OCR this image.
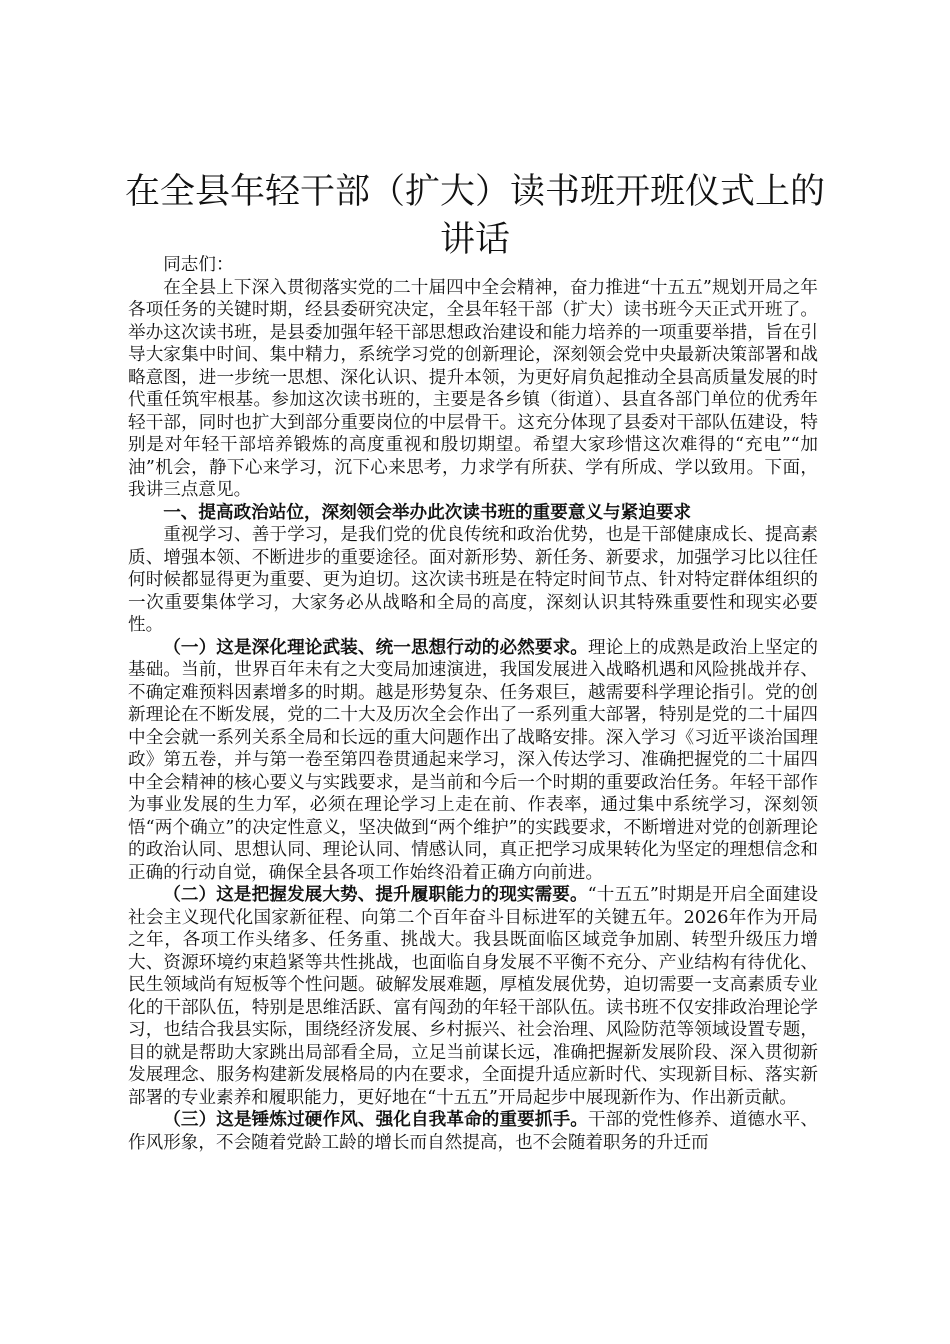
在全县年轻干部（扩大）读书班开班仪式上的讲话

同志们：

在全县上下深入贯彻落实党的二十届四中全会精神，奋力推进“十五五”规划开局之年各项任务的关键时期，经县委研究决定，全县年轻干部（扩大）读书班今天正式开班了。举办这次读书班，是县委加强年轻干部思想政治建设和能力培养的一项重要举措，旨在引导大家集中时间、集中精力，系统学习党的创新理论，深刻领会党中央最新决策部署和战略意图，进一步统一思想、深化认识、提升本领，为更好肩负起推动全县高质量发展的时代重任筑牢根基。参加这次读书班的，主要是各乡镇（街道）、县直各部门单位的优秀年轻干部，同时也扩大到部分重要岗位的中层骨干。这充分体现了县委对干部队伍建设，特别是对年轻干部培养锻炼的高度重视和殷切期望。希望大家珍惜这次难得的“充电”“加油”机会，静下心来学习，沉下心来思考，力求学有所获、学有所成、学以致用。下面，我讲三点意见。

一、提高政治站位，深刻领会举办此次读书班的重要意义与紧迫要求

重视学习、善于学习，是我们党的优良传统和政治优势，也是干部健康成长、提高素质、增强本领、不断进步的重要途径。面对新形势、新任务、新要求，加强学习比以往任何时候都显得更为重要、更为迫切。这次读书班是在特定时间节点、针对特定群体组织的一次重要集体学习，大家务必从战略和全局的高度，深刻认识其特殊重要性和现实必要性。

（一）这是深化理论武装、统一思想行动的必然要求。理论上的成熟是政治上坚定的基础。当前，世界百年未有之大变局加速演进，我国发展进入战略机遇和风险挑战并存、不确定难预料因素增多的时期。越是形势复杂、任务艰巨，越需要科学理论指引。党的创新理论在不断发展，党的二十大及历次全会作出了一系列重大部署，特别是党的二十届四中全会就一系列关系全局和长远的重大问题作出了战略安排。深入学习《习近平谈治国理政》第五卷，并与第一卷至第四卷贯通起来学习，深入传达学习、准确把握党的二十届四中全会精神的核心要义与实践要求，是当前和今后一个时期的重要政治任务。年轻干部作为事业发展的生力军，必须在理论学习上走在前、作表率，通过集中系统学习，深刻领悟“两个确立”的决定性意义，坚决做到“两个维护”的实践要求，不断增进对党的创新理论的政治认同、思想认同、理论认同、情感认同，真正把学习成果转化为坚定的理想信念和正确的行动自觉，确保全县各项工作始终沿着正确方向前进。

（二）这是把握发展大势、提升履职能力的现实需要。“十五五”时期是开启全面建设社会主义现代化国家新征程、向第二个百年奋斗目标进军的关键五年。2026年作为开局之年，各项工作头绪多、任务重、挑战大。我县既面临区域竞争加剧、转型升级压力增大、资源环境约束趋紧等共性挑战，也面临自身发展不平衡不充分、产业结构有待优化、民生领域尚有短板等个性问题。破解发展难题，厚植发展优势，迫切需要一支高素质专业化的干部队伍，特别是思维活跃、富有闯劲的年轻干部队伍。读书班不仅安排政治理论学习，也结合我县实际，围绕经济发展、乡村振兴、社会治理、风险防范等领域设置专题，目的就是帮助大家跳出局部看全局，立足当前谋长远，准确把握新发展阶段、深入贯彻新发展理念、服务构建新发展格局的内在要求，全面提升适应新时代、实现新目标、落实新部署的专业素养和履职能力，更好地在“十五五”开局起步中展现新作为、作出新贡献。

（三）这是锤炼过硬作风、强化自我革命的重要抓手。干部的党性修养、道德水平、作风形象，不会随着党龄工龄的增长而自然提高，也不会随着职务的升迁而
